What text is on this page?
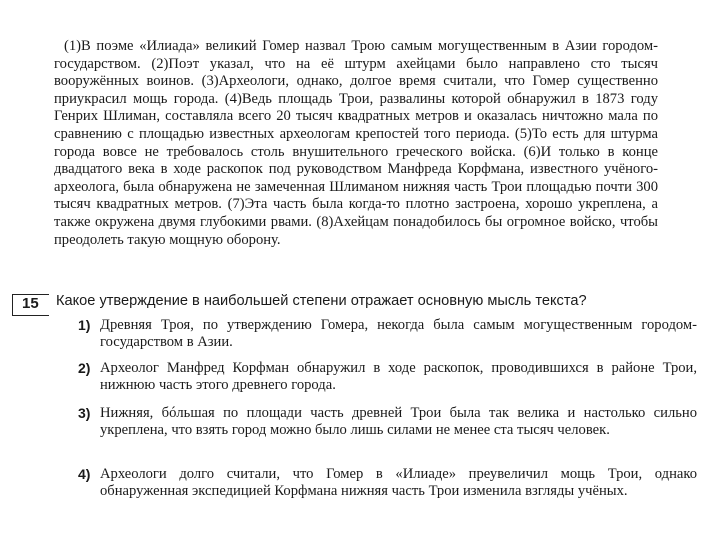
(1)В поэме «Илиада» великий Гомер назвал Трою самым могущественным в Азии городом-государством. (2)Поэт указал, что на её штурм ахейцами было направлено сто тысяч вооружённых воинов. (3)Археологи, однако, долгое время считали, что Гомер существенно приукрасил мощь города. (4)Ведь площадь Трои, развалины которой обнаружил в 1873 году Генрих Шлиман, составляла всего 20 тысяч квадратных метров и оказалась ничтожно мала по сравнению с площадью известных археологам крепостей того периода. (5)То есть для штурма города вовсе не требовалось столь внушительного греческого войска. (6)И только в конце двадцатого века в ходе раскопок под руководством Манфреда Корфмана, известного учёного-археолога, была обнаружена не замеченная Шлиманом нижняя часть Трои площадью почти 300 тысяч квадратных метров. (7)Эта часть была когда-то плотно застроена, хорошо укреплена, а также окружена двумя глубокими рвами. (8)Ахейцам понадобилось бы огромное войско, чтобы преодолеть такую мощную оборону.
15 Какое утверждение в наибольшей степени отражает основную мысль текста?
1) Древняя Троя, по утверждению Гомера, некогда была самым могущественным городом-государством в Азии.
2) Археолог Манфред Корфман обнаружил в ходе раскопок, проводившихся в районе Трои, нижнюю часть этого древнего города.
3) Нижняя, бóльшая по площади часть древней Трои была так велика и настолько сильно укреплена, что взять город можно было лишь силами не менее ста тысяч человек.
4) Археологи долго считали, что Гомер в «Илиаде» преувеличил мощь Трои, однако обнаруженная экспедицией Корфмана нижняя часть Трои изменила взгляды учёных.
